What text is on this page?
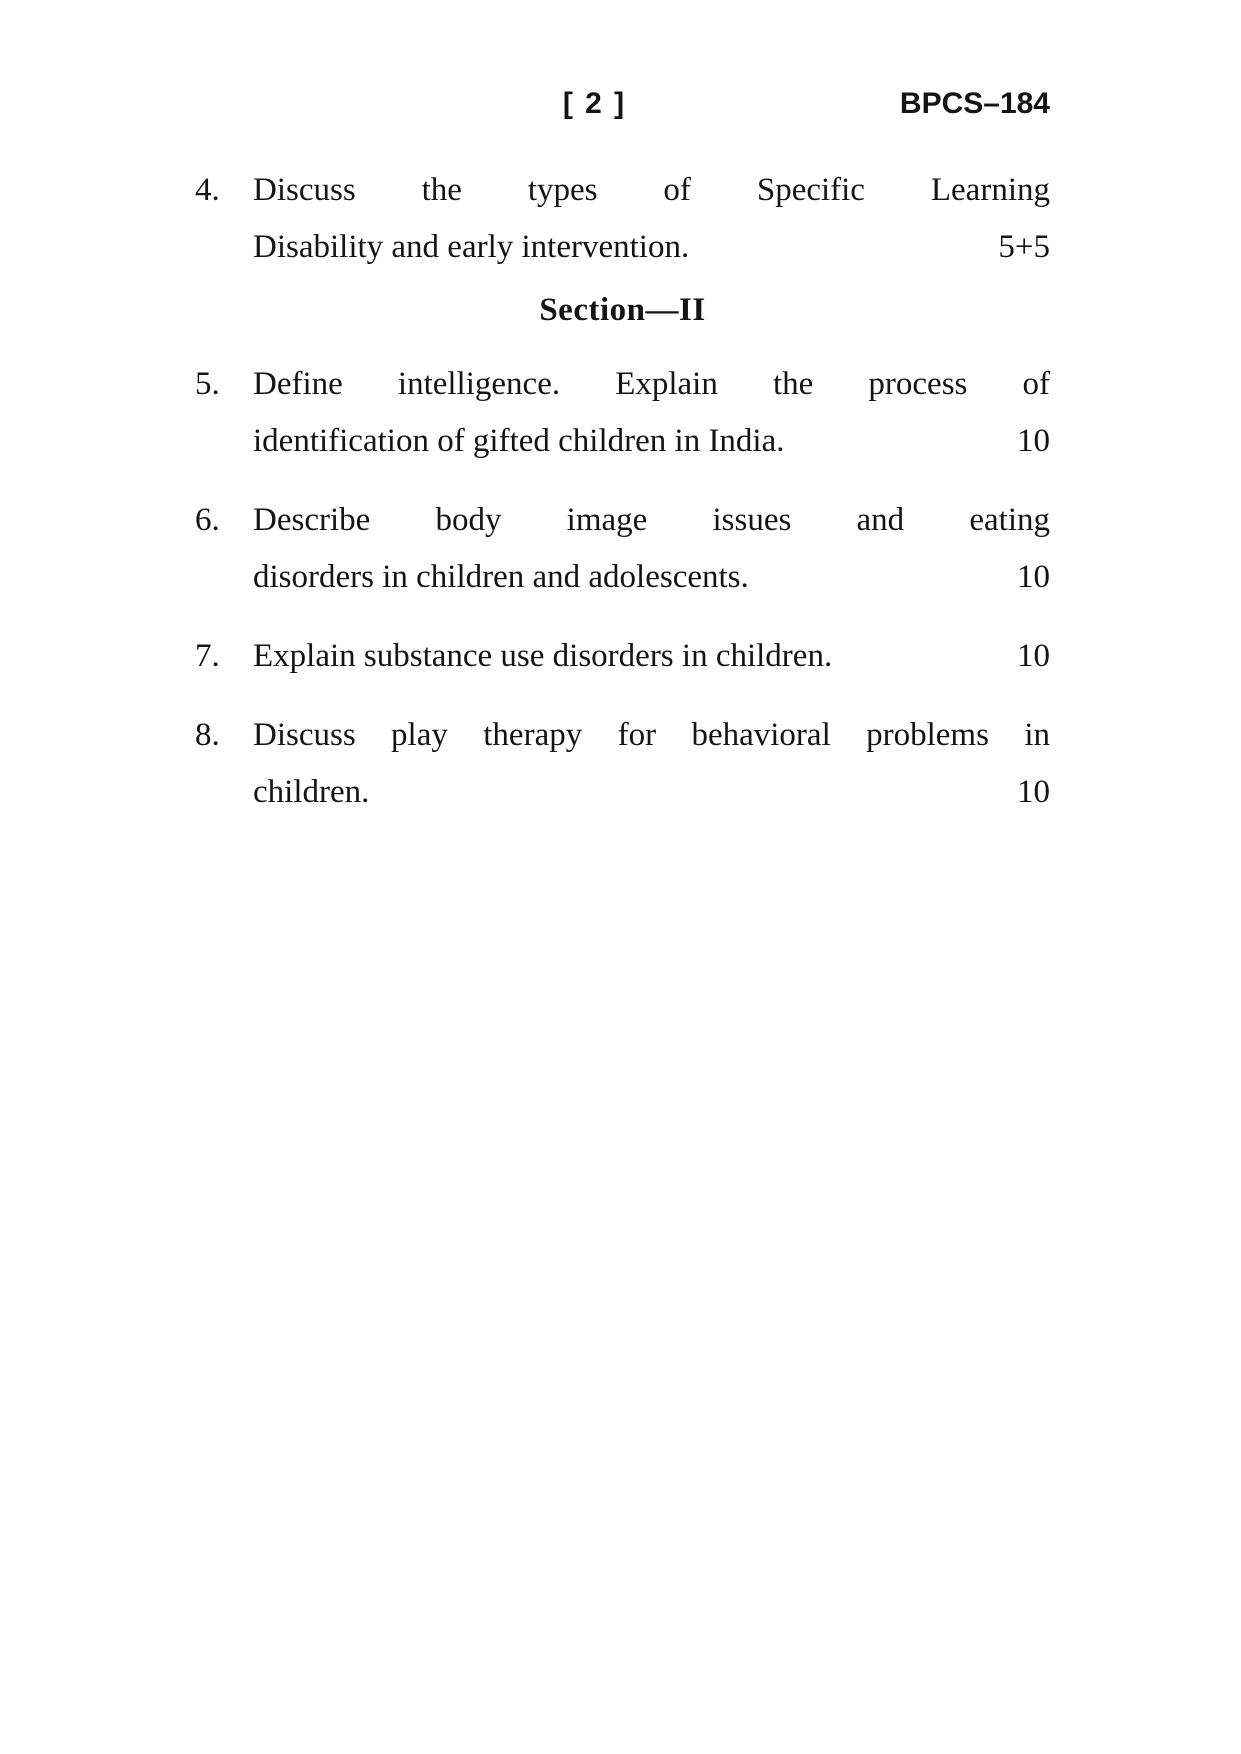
[ 2 ]	BPCS–184
4.	Discuss the types of Specific Learning
Disability and early intervention.	5+5
Section—II
5.	Define intelligence. Explain the process of
identification of gifted children in India.	10
6.	Describe body image issues and eating
disorders in children and adolescents.	10
7.	Explain substance use disorders in children.	10
8.	Discuss play therapy for behavioral problems in
children.	10
